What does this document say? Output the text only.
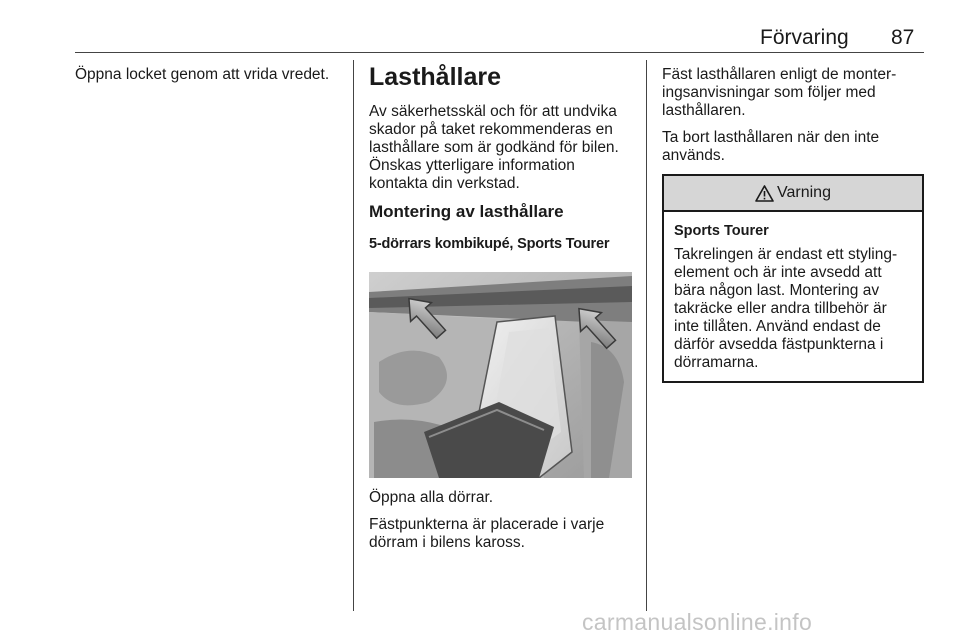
Förvaring 87
Öppna locket genom att vrida vredet.	Lasthållare
Av säkerhetsskäl och för att undvika skador på taket rekommenderas en lasthållare som är godkänd för bilen. Önskas ytterligare information kontakta din verkstad.
Montering av lasthållare
5-dörrars kombikupé, Sports Tourer
Öppna alla dörrar.
Fästpunkterna är placerade i varje dörram i bilens kaross.
Fäst lasthållaren enligt de monter-ingsanvisningar som följer med lasthållaren.
Ta bort lasthållaren när den inte används.
Varning
Sports Tourer
Takrelingen är endast ett styling-element och är inte avsedd att bära någon last. Montering av takräcke eller andra tillbehör är inte tillåten. Använd endast de därför avsedda fästpunkterna i dörramarna.
carmanualsonline.info
